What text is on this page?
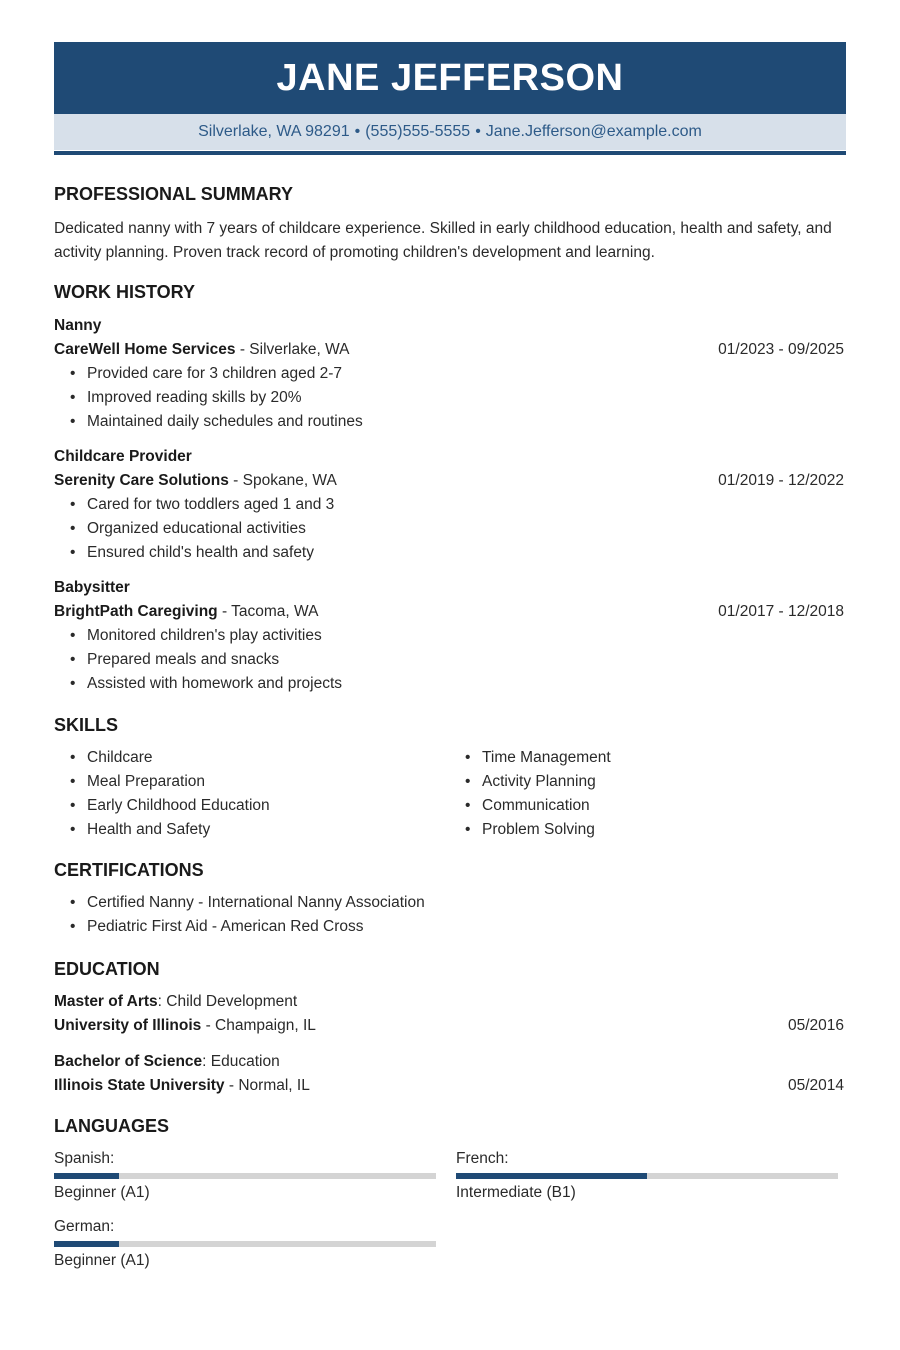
JANE JEFFERSON
Silverlake, WA 98291 • (555)555-5555 • Jane.Jefferson@example.com
PROFESSIONAL SUMMARY
Dedicated nanny with 7 years of childcare experience. Skilled in early childhood education, health and safety, and activity planning. Proven track record of promoting children's development and learning.
WORK HISTORY
Nanny
CareWell Home Services - Silverlake, WA	01/2023 - 09/2025
• Provided care for 3 children aged 2-7
• Improved reading skills by 20%
• Maintained daily schedules and routines
Childcare Provider
Serenity Care Solutions - Spokane, WA	01/2019 - 12/2022
• Cared for two toddlers aged 1 and 3
• Organized educational activities
• Ensured child's health and safety
Babysitter
BrightPath Caregiving - Tacoma, WA	01/2017 - 12/2018
• Monitored children's play activities
• Prepared meals and snacks
• Assisted with homework and projects
SKILLS
• Childcare
• Meal Preparation
• Early Childhood Education
• Health and Safety
• Time Management
• Activity Planning
• Communication
• Problem Solving
CERTIFICATIONS
• Certified Nanny - International Nanny Association
• Pediatric First Aid - American Red Cross
EDUCATION
Master of Arts: Child Development
University of Illinois - Champaign, IL	05/2016
Bachelor of Science: Education
Illinois State University - Normal, IL	05/2014
LANGUAGES
Spanish:
Beginner (A1)
French:
Intermediate (B1)
German:
Beginner (A1)
